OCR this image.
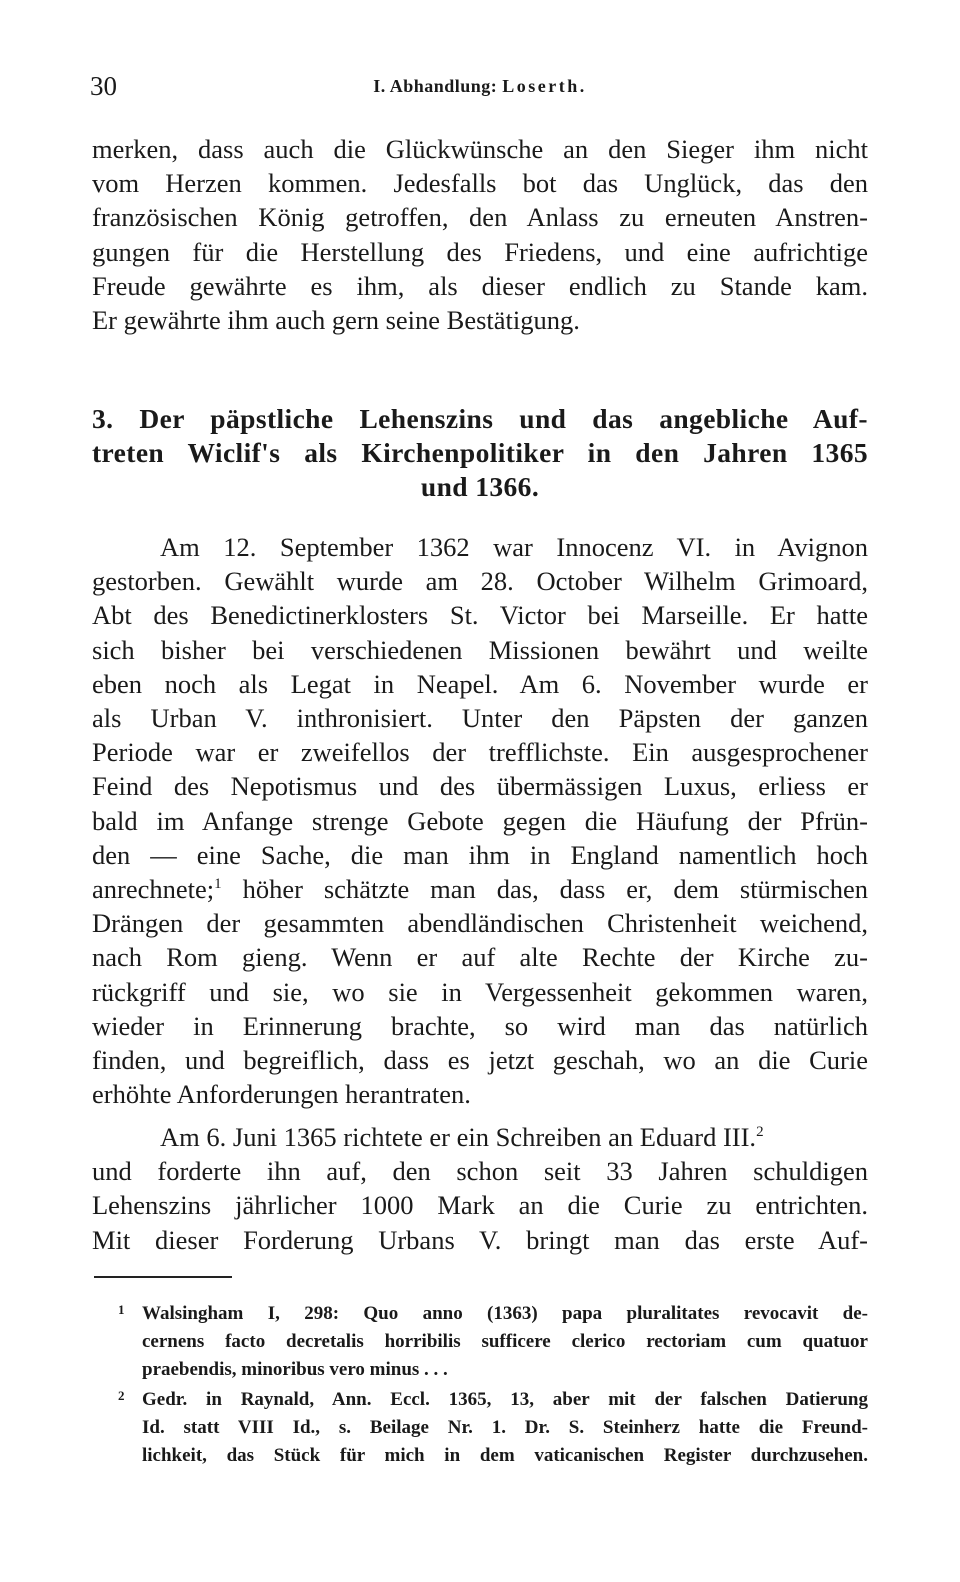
30	I. Abhandlung: Loserth.

merken, dass auch die Glückwünsche an den Sieger ihm nicht
vom Herzen kommen. Jedesfalls bot das Unglück, das den
französischen König getroffen, den Anlass zu erneuten Anstren-
gungen für die Herstellung des Friedens, und eine aufrichtige
Freude gewährte es ihm, als dieser endlich zu Stande kam.
Er gewährte ihm auch gern seine Bestätigung.

3. Der päpstliche Lehenszins und das angebliche Auf-
treten Wiclif's als Kirchenpolitiker in den Jahren 1365
und 1366.

Am 12. September 1362 war Innocenz VI. in Avignon
gestorben. Gewählt wurde am 28. October Wilhelm Grimoard,
Abt des Benedictinerklosters St. Victor bei Marseille. Er hatte
sich bisher bei verschiedenen Missionen bewährt und weilte
eben noch als Legat in Neapel. Am 6. November wurde er
als Urban V. inthronisiert. Unter den Päpsten der ganzen
Periode war er zweifellos der trefflichste. Ein ausgesprochener
Feind des Nepotismus und des übermässigen Luxus, erliess er
bald im Anfange strenge Gebote gegen die Häufung der Pfrün-
den — eine Sache, die man ihm in England namentlich hoch
anrechnete;$^1$ höher schätzte man das, dass er, dem stürmischen
Drängen der gesammten abendländischen Christenheit weichend,
nach Rom gieng. Wenn er auf alte Rechte der Kirche zu-
rückgriff und sie, wo sie in Vergessenheit gekommen waren,
wieder in Erinnerung brachte, so wird man das natürlich
finden, und begreiflich, dass es jetzt geschah, wo an die Curie
erhöhte Anforderungen herantraten.

Am 6. Juni 1365 richtete er ein Schreiben an Eduard III.$^2$
und forderte ihn auf, den schon seit 33 Jahren schuldigen
Lehenszins jährlicher 1000 Mark an die Curie zu entrichten.
Mit dieser Forderung Urbans V. bringt man das erste Auf-

1 Walsingham I, 298: Quo anno (1363) papa pluralitates revocavit de-
cernens facto decretalis horribilis sufficere clerico rectoriam cum quatuor
praebendis, minoribus vero minus . . .
2 Gedr. in Raynald, Ann. Eccl. 1365, 13, aber mit der falschen Datierung
Id. statt VIII Id., s. Beilage Nr. 1. Dr. S. Steinherz hatte die Freund-
lichkeit, das Stück für mich in dem vaticanischen Register durchzusehen.
